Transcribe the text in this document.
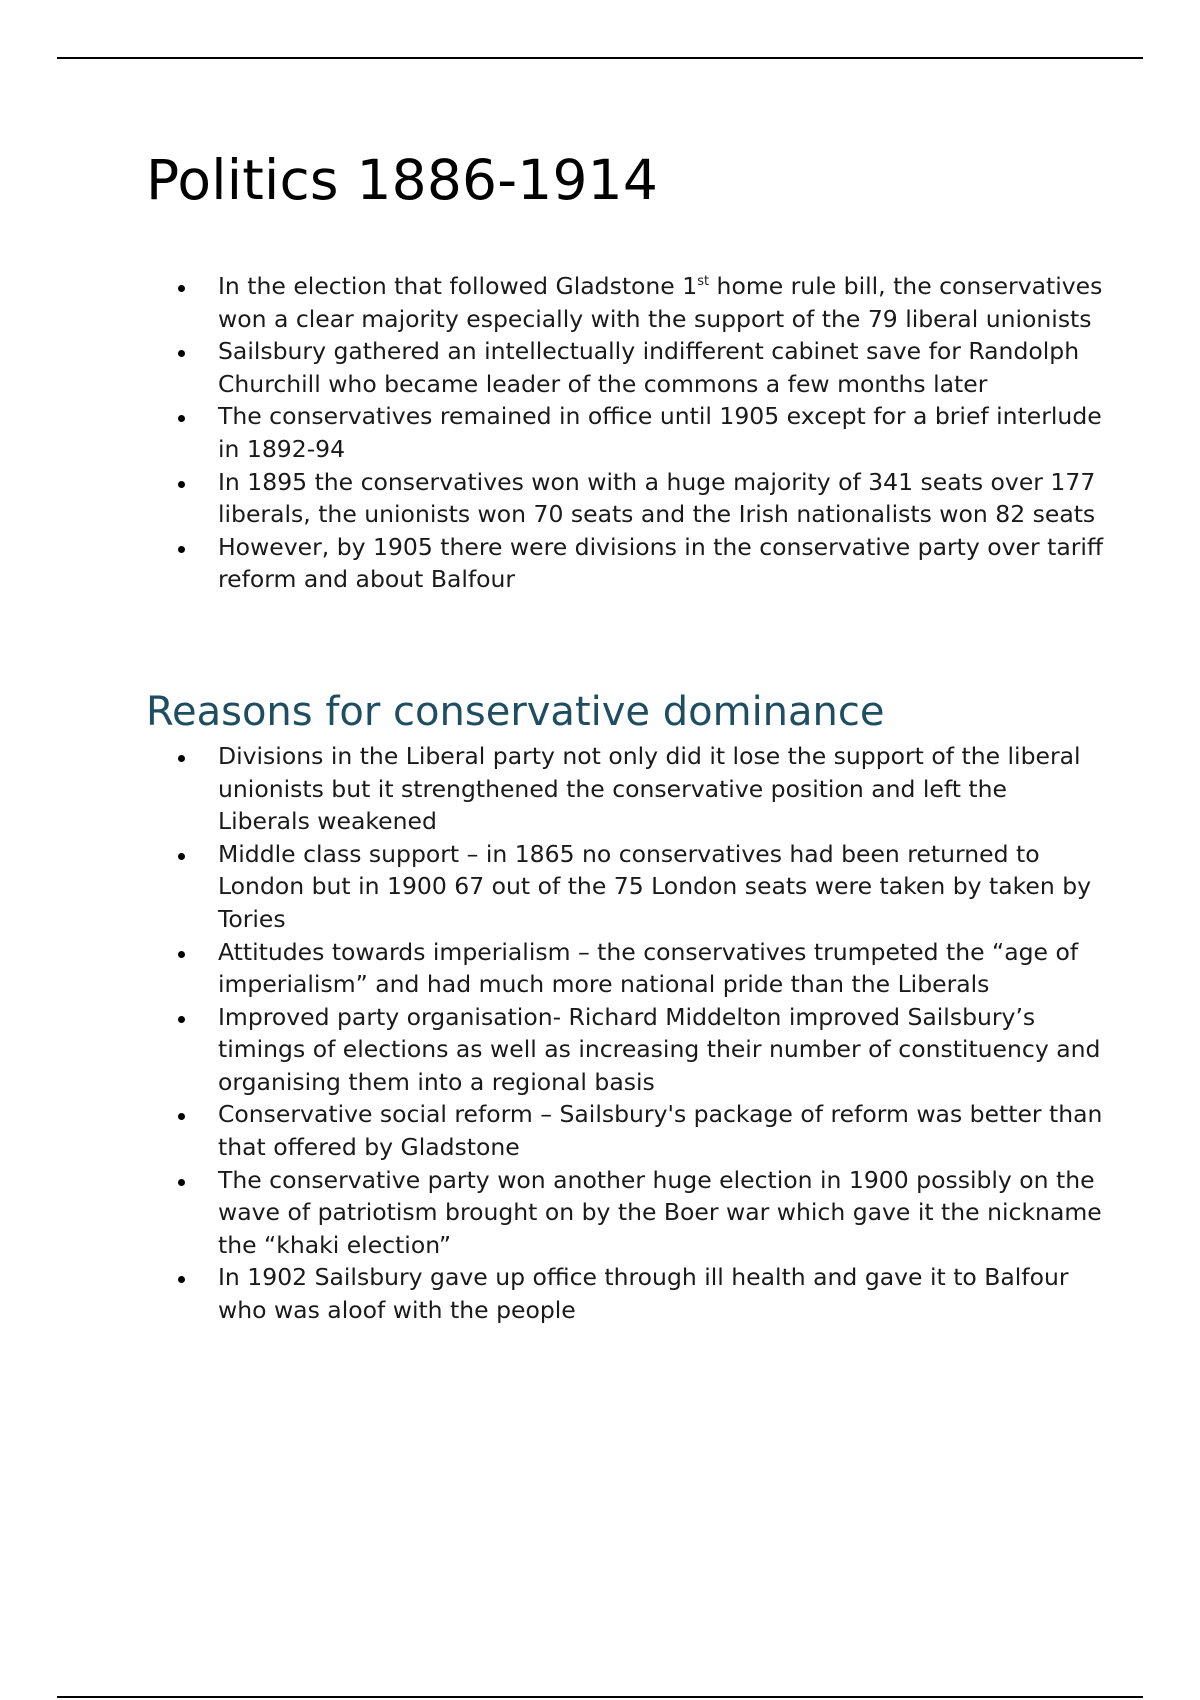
Politics 1886-1914
In the election that followed Gladstone 1st home rule bill, the conservatives won a clear majority especially with the support of the 79 liberal unionists
Sailsbury gathered an intellectually indifferent cabinet save for Randolph Churchill who became leader of the commons a few months later
The conservatives remained in office until 1905 except for a brief interlude in 1892-94
In 1895 the conservatives won with a huge majority of 341 seats over 177 liberals, the unionists won 70 seats and the Irish nationalists won 82 seats
However, by 1905 there were divisions in the conservative party over tariff reform and about Balfour
Reasons for conservative dominance
Divisions in the Liberal party not only did it lose the support of the liberal unionists but it strengthened the conservative position and left the Liberals weakened
Middle class support – in 1865 no conservatives had been returned to London but in 1900 67 out of the 75 London seats were taken by taken by Tories
Attitudes towards imperialism – the conservatives trumpeted the “age of imperialism” and had much more national pride than the Liberals
Improved party organisation- Richard Middelton improved Sailsbury’s timings of elections as well as increasing their number of constituency and organising them into a regional basis
Conservative social reform – Sailsbury's package of reform was better than that offered by Gladstone
The conservative party won another huge election in 1900 possibly on the wave of patriotism brought on by the Boer war which gave it the nickname the “khaki election”
In 1902 Sailsbury gave up office through ill health and gave it to Balfour who was aloof with the people
